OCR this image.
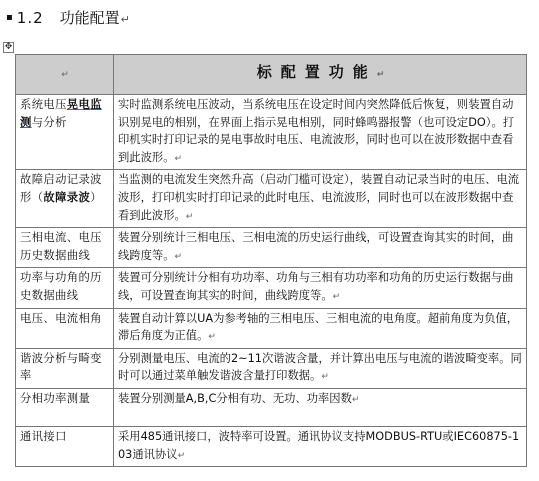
▪ 1.2 功能配置↵
✥
↵	标配置功能↵
系统电压晃电监测与分析	实时监测系统电压波动，当系统电压在设定时间内突然降低后恢复，则装置自动识别晃电的相别，在界面上指示晃电相别，同时蜂鸣器报警（也可设定DO）。打印机实时打印记录的晃电事故时电压、电流波形，同时也可以在波形数据中查看到此波形。↵
故障启动记录波形（故障录波）	当监测的电流发生突然升高（启动门槛可设定），装置自动记录当时的电压、电流波形，打印机实时打印记录的此时电压、电流波形，同时也可以在波形数据中查看到此波形。↵
三相电流、电压历史数据曲线	装置分别统计三相电压、三相电流的历史运行曲线，可设置查询其实的时间，曲线跨度等。↵
功率与功角的历史数据曲线	装置可分别统计分相有功功率、功角与三相有功功率和功角的历史运行数据与曲线，可设置查询其实的时间，曲线跨度等。↵
电压、电流相角	装置自动计算以UA为参考轴的三相电压、三相电流的电角度。超前角度为负值，滞后角度为正值。↵
谐波分析与畸变率	分别测量电压、电流的2~11次谐波含量，并计算出电压与电流的谐波畸变率。同时可以通过菜单触发谐波含量打印数据。↵
分相功率测量	装置分别测量A,B,C分相有功、无功、功率因数↵
通讯接口	采用485通讯接口，波特率可设置。通讯协议支持MODBUS-RTU或IEC60875-103通讯协议↵
